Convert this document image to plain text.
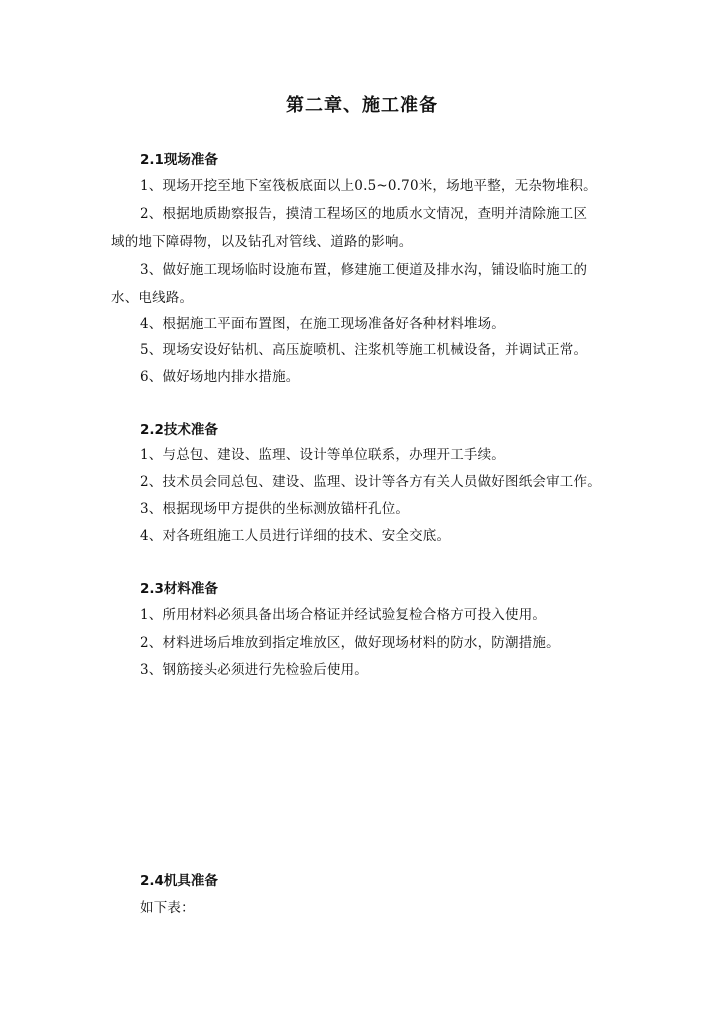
第二章、施工准备
2.1现场准备
1、现场开挖至地下室筏板底面以上0.5~0.70米，场地平整，无杂物堆积。
2、根据地质勘察报告，摸清工程场区的地质水文情况，查明并清除施工区
域的地下障碍物，以及钻孔对管线、道路的影响。
3、做好施工现场临时设施布置，修建施工便道及排水沟，铺设临时施工的
水、电线路。
4、根据施工平面布置图，在施工现场准备好各种材料堆场。
5、现场安设好钻机、高压旋喷机、注浆机等施工机械设备，并调试正常。
6、做好场地内排水措施。
2.2技术准备
1、与总包、建设、监理、设计等单位联系，办理开工手续。
2、技术员会同总包、建设、监理、设计等各方有关人员做好图纸会审工作。
3、根据现场甲方提供的坐标测放锚杆孔位。
4、对各班组施工人员进行详细的技术、安全交底。
2.3材料准备
1、所用材料必须具备出场合格证并经试验复检合格方可投入使用。
2、材料进场后堆放到指定堆放区，做好现场材料的防水，防潮措施。
3、钢筋接头必须进行先检验后使用。
2.4机具准备
如下表：
